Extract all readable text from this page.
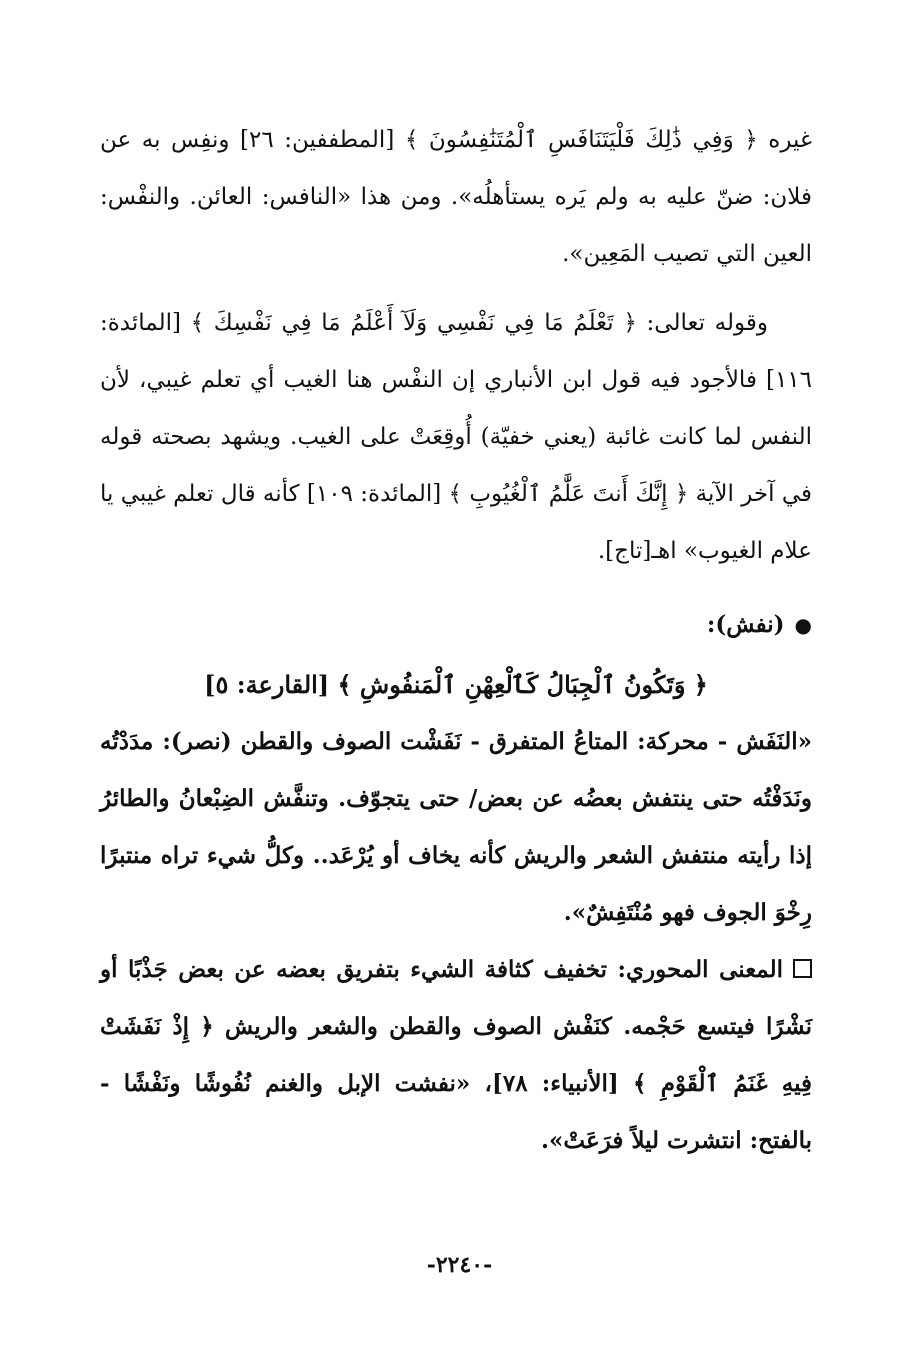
غيره ﴿ وَفِي ذَٰلِكَ فَلْيَتَنَافَسِ ٱلْمُتَنَٰفِسُونَ ﴾ [المطففين: ٢٦] ونفِس به عن فلان: ضنّ عليه به ولم يَره يستأهلُه». ومن هذا «النافس: العائن. والنفْس: العين التي تصيب المَعِين».

وقوله تعالى: ﴿ تَعْلَمُ مَا فِي نَفْسِي وَلَآ أَعْلَمُ مَا فِي نَفْسِكَ ﴾ [المائدة: ١١٦] فالأجود فيه قول ابن الأنباري إن النفْس هنا الغيب أي تعلم غيبي، لأن النفس لما كانت غائبة (يعني خفيّة) أُوقِعَتْ على الغيب. ويشهد بصحته قوله في آخر الآية ﴿ إِنَّكَ أَنتَ عَلَّٰمُ ٱلْغُيُوبِ ﴾ [المائدة: ١٠٩] كأنه قال تعلم غيبي يا علام الغيوب» اهـ[تاج].

●(نفش):

﴿ وَتَكُونُ ٱلْجِبَالُ كَٱلْعِهْنِ ٱلْمَنفُوشِ ﴾ [القارعة: ٥]

«النَفَش - محركة: المتاعُ المتفرق - نَفَشْت الصوف والقطن (نصر): مدَدْتُه ونَدَفْتُه حتى ينتفش بعضُه عن بعض/ حتى يتجوّف. وتنفَّش الضِبْعانُ والطائرُ إذا رأيته منتفش الشعر والريش كأنه يخاف أو يُرْعَد.. وكلُّ شيء تراه منتبرًا رِخْوَ الجوف فهو مُنْتَفِشٌ».

المعنى المحوري: تخفيف كثافة الشيء بتفريق بعضه عن بعض جَذْبًا أو نَشْرًا فيتسع حَجْمه. كنَفْش الصوف والقطن والشعر والريش ﴿ إِذْ نَفَشَتْ فِيهِ غَنَمُ ٱلْقَوْمِ ﴾ [الأنبياء: ٧٨]، «نفشت الإبل والغنم نُفُوشًا ونَفْشًا - بالفتح: انتشرت ليلاً فرَعَتْ».

-٢٢٤٠-
